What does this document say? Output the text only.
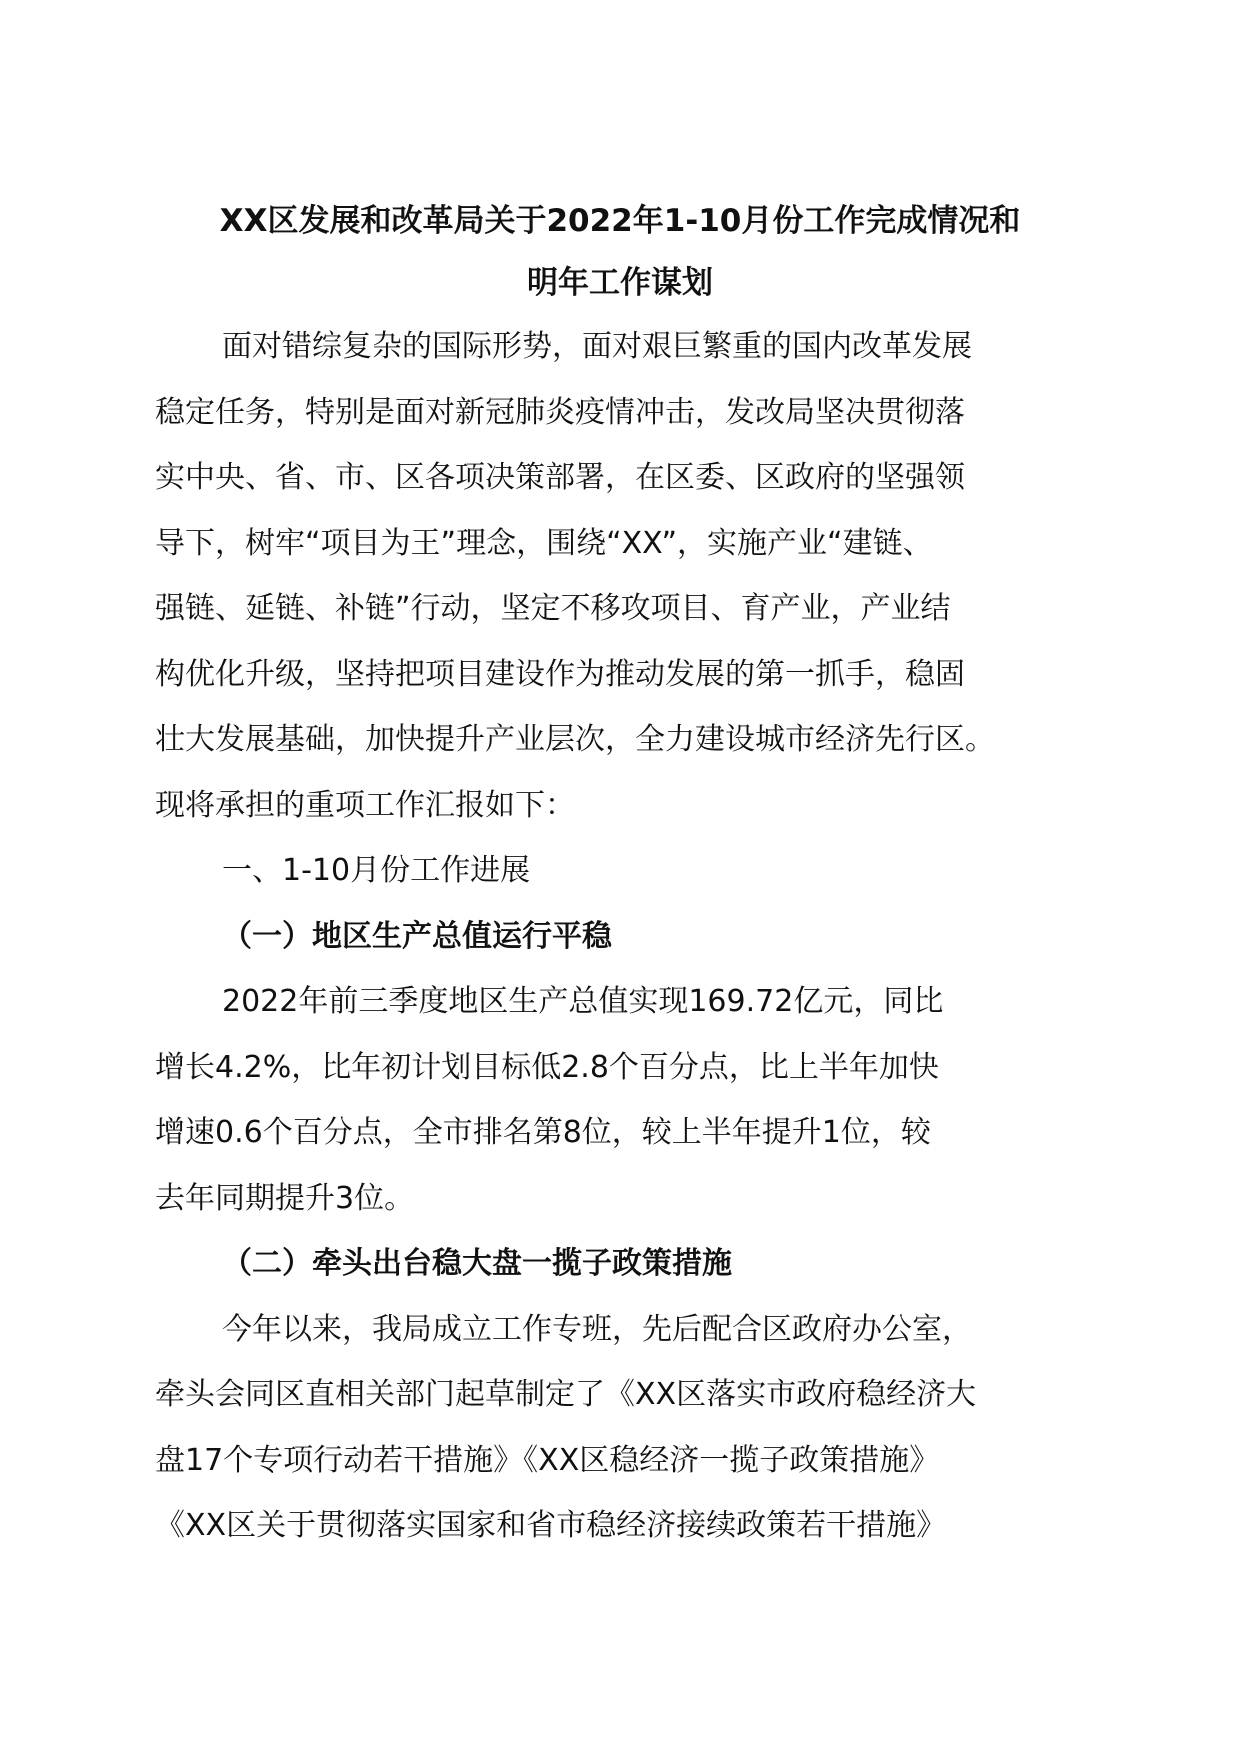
XX区发展和改革局关于2022年1-10月份工作完成情况和
明年工作谋划

面对错综复杂的国际形势，面对艰巨繁重的国内改革发展
稳定任务，特别是面对新冠肺炎疫情冲击，发改局坚决贯彻落
实中央、省、市、区各项决策部署，在区委、区政府的坚强领
导下，树牢“项目为王”理念，围绕“XX”，实施产业“建链、
强链、延链、补链”行动，坚定不移攻项目、育产业，产业结
构优化升级，坚持把项目建设作为推动发展的第一抓手，稳固
壮大发展基础，加快提升产业层次，全力建设城市经济先行区。
现将承担的重项工作汇报如下：

一、1-10月份工作进展

（一）地区生产总值运行平稳

2022年前三季度地区生产总值实现169.72亿元，同比
增长4.2%，比年初计划目标低2.8个百分点，比上半年加快
增速0.6个百分点，全市排名第8位，较上半年提升1位，较
去年同期提升3位。

（二）牵头出台稳大盘一揽子政策措施

今年以来，我局成立工作专班，先后配合区政府办公室，
牵头会同区直相关部门起草制定了《XX区落实市政府稳经济大
盘17个专项行动若干措施》《XX区稳经济一揽子政策措施》
《XX区关于贯彻落实国家和省市稳经济接续政策若干措施》
